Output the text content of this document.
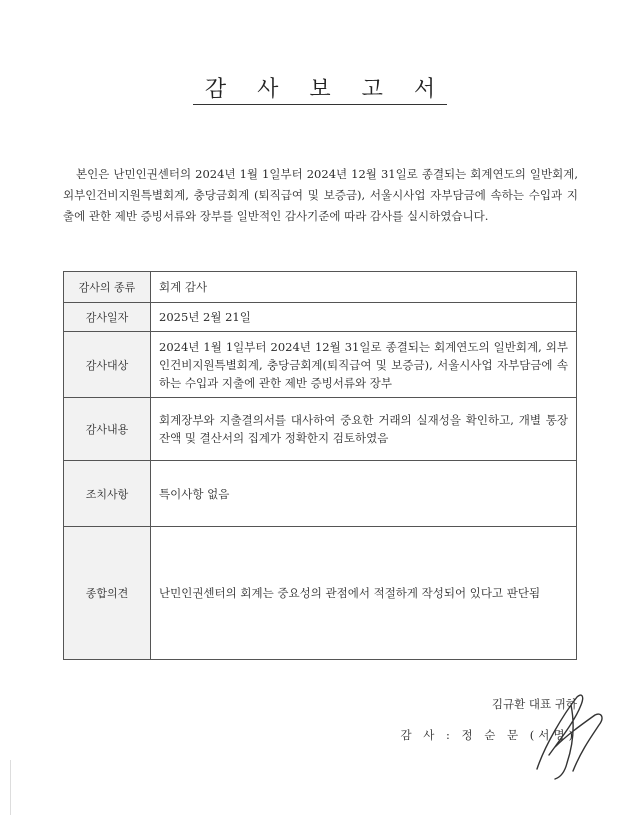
감 사 보 고 서

본인은 난민인권센터의 2024년 1월 1일부터 2024년 12월 31일로 종결되는 회계연도의 일반회계, 외부인건비지원특별회계, 충당금회계 (퇴직급여 및 보증금), 서울시사업 자부담금에 속하는 수입과 지출에 관한 제반 증빙서류와 장부를 일반적인 감사기준에 따라 감사를 실시하였습니다.

감사의 종류	회계 감사
감사일자	2025년 2월 21일
감사대상	2024년 1월 1일부터 2024년 12월 31일로 종결되는 회계연도의 일반회계, 외부인건비지원특별회계, 충당금회계(퇴직급여 및 보증금), 서울시사업 자부담금에 속하는 수입과 지출에 관한 제반 증빙서류와 장부
감사내용	회계장부와 지출결의서를 대사하여 중요한 거래의 실재성을 확인하고, 개별 통장잔액 및 결산서의 집계가 정확한지 검토하였음
조치사항	특이사항 없음
종합의견	난민인권센터의 회계는 중요성의 관점에서 적절하게 작성되어 있다고 판단됨
김규환 대표 귀하
감 사 : 정 순 문 (서명)
